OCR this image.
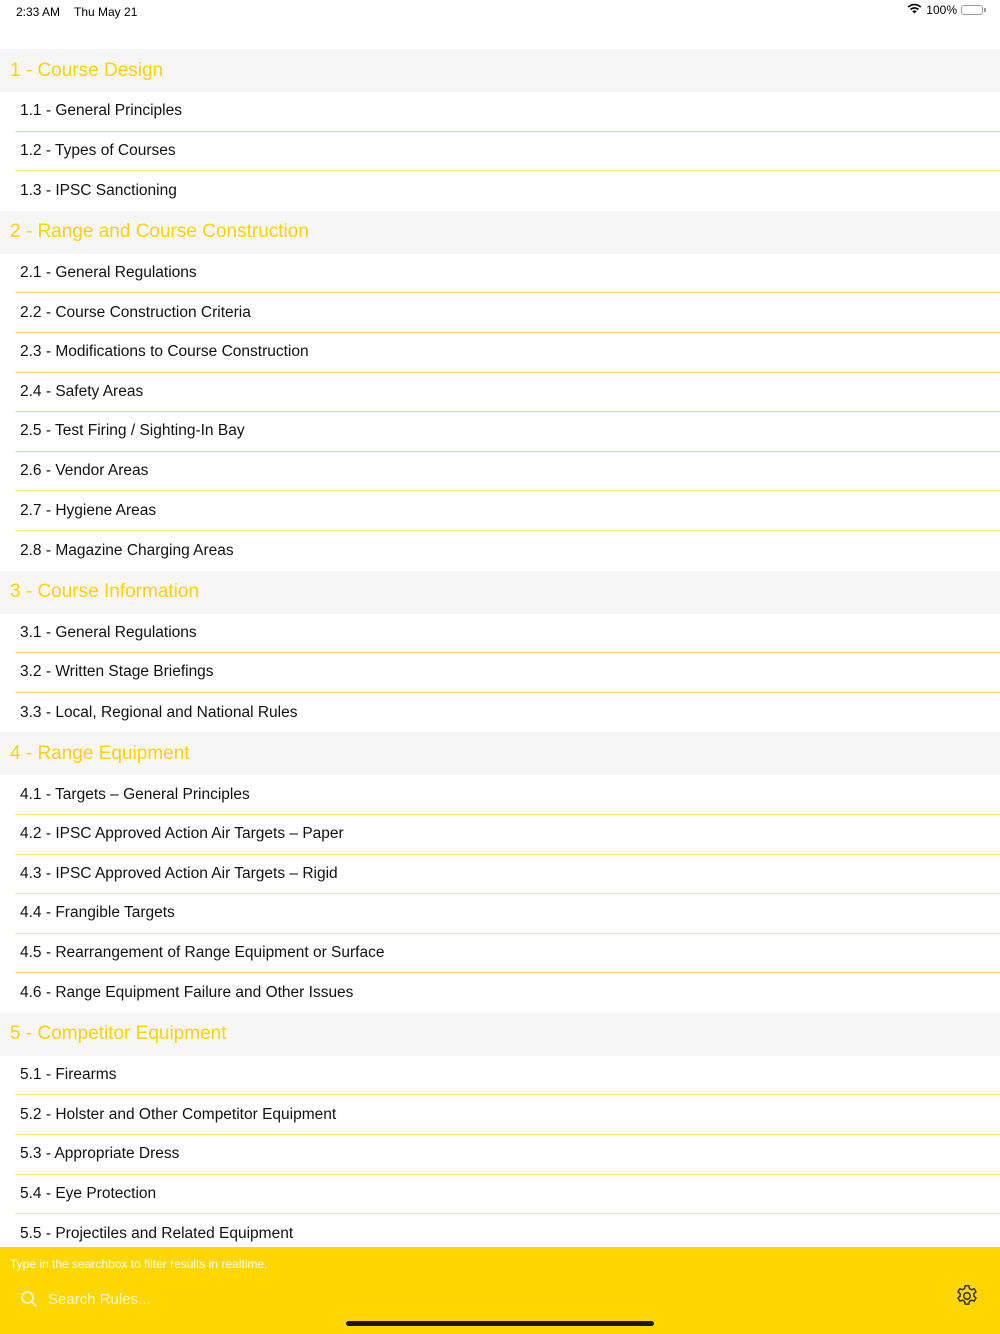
2:33 AM Thu May 21	100%
1 - Course Design
1.1 - General Principles
1.2 - Types of Courses
1.3 - IPSC Sanctioning
2 - Range and Course Construction
2.1 - General Regulations
2.2 - Course Construction Criteria
2.3 - Modifications to Course Construction
2.4 - Safety Areas
2.5 - Test Firing / Sighting-In Bay
2.6 - Vendor Areas
2.7 - Hygiene Areas
2.8 - Magazine Charging Areas
3 - Course Information
3.1 - General Regulations
3.2 - Written Stage Briefings
3.3 - Local, Regional and National Rules
4 - Range Equipment
4.1 - Targets – General Principles
4.2 - IPSC Approved Action Air Targets – Paper
4.3 - IPSC Approved Action Air Targets – Rigid
4.4 - Frangible Targets
4.5 - Rearrangement of Range Equipment or Surface
4.6 - Range Equipment Failure and Other Issues
5 - Competitor Equipment
5.1 - Firearms
5.2 - Holster and Other Competitor Equipment
5.3 - Appropriate Dress
5.4 - Eye Protection
5.5 - Projectiles and Related Equipment
Type in the searchbox to filter results in realtime.
Search Rules...
